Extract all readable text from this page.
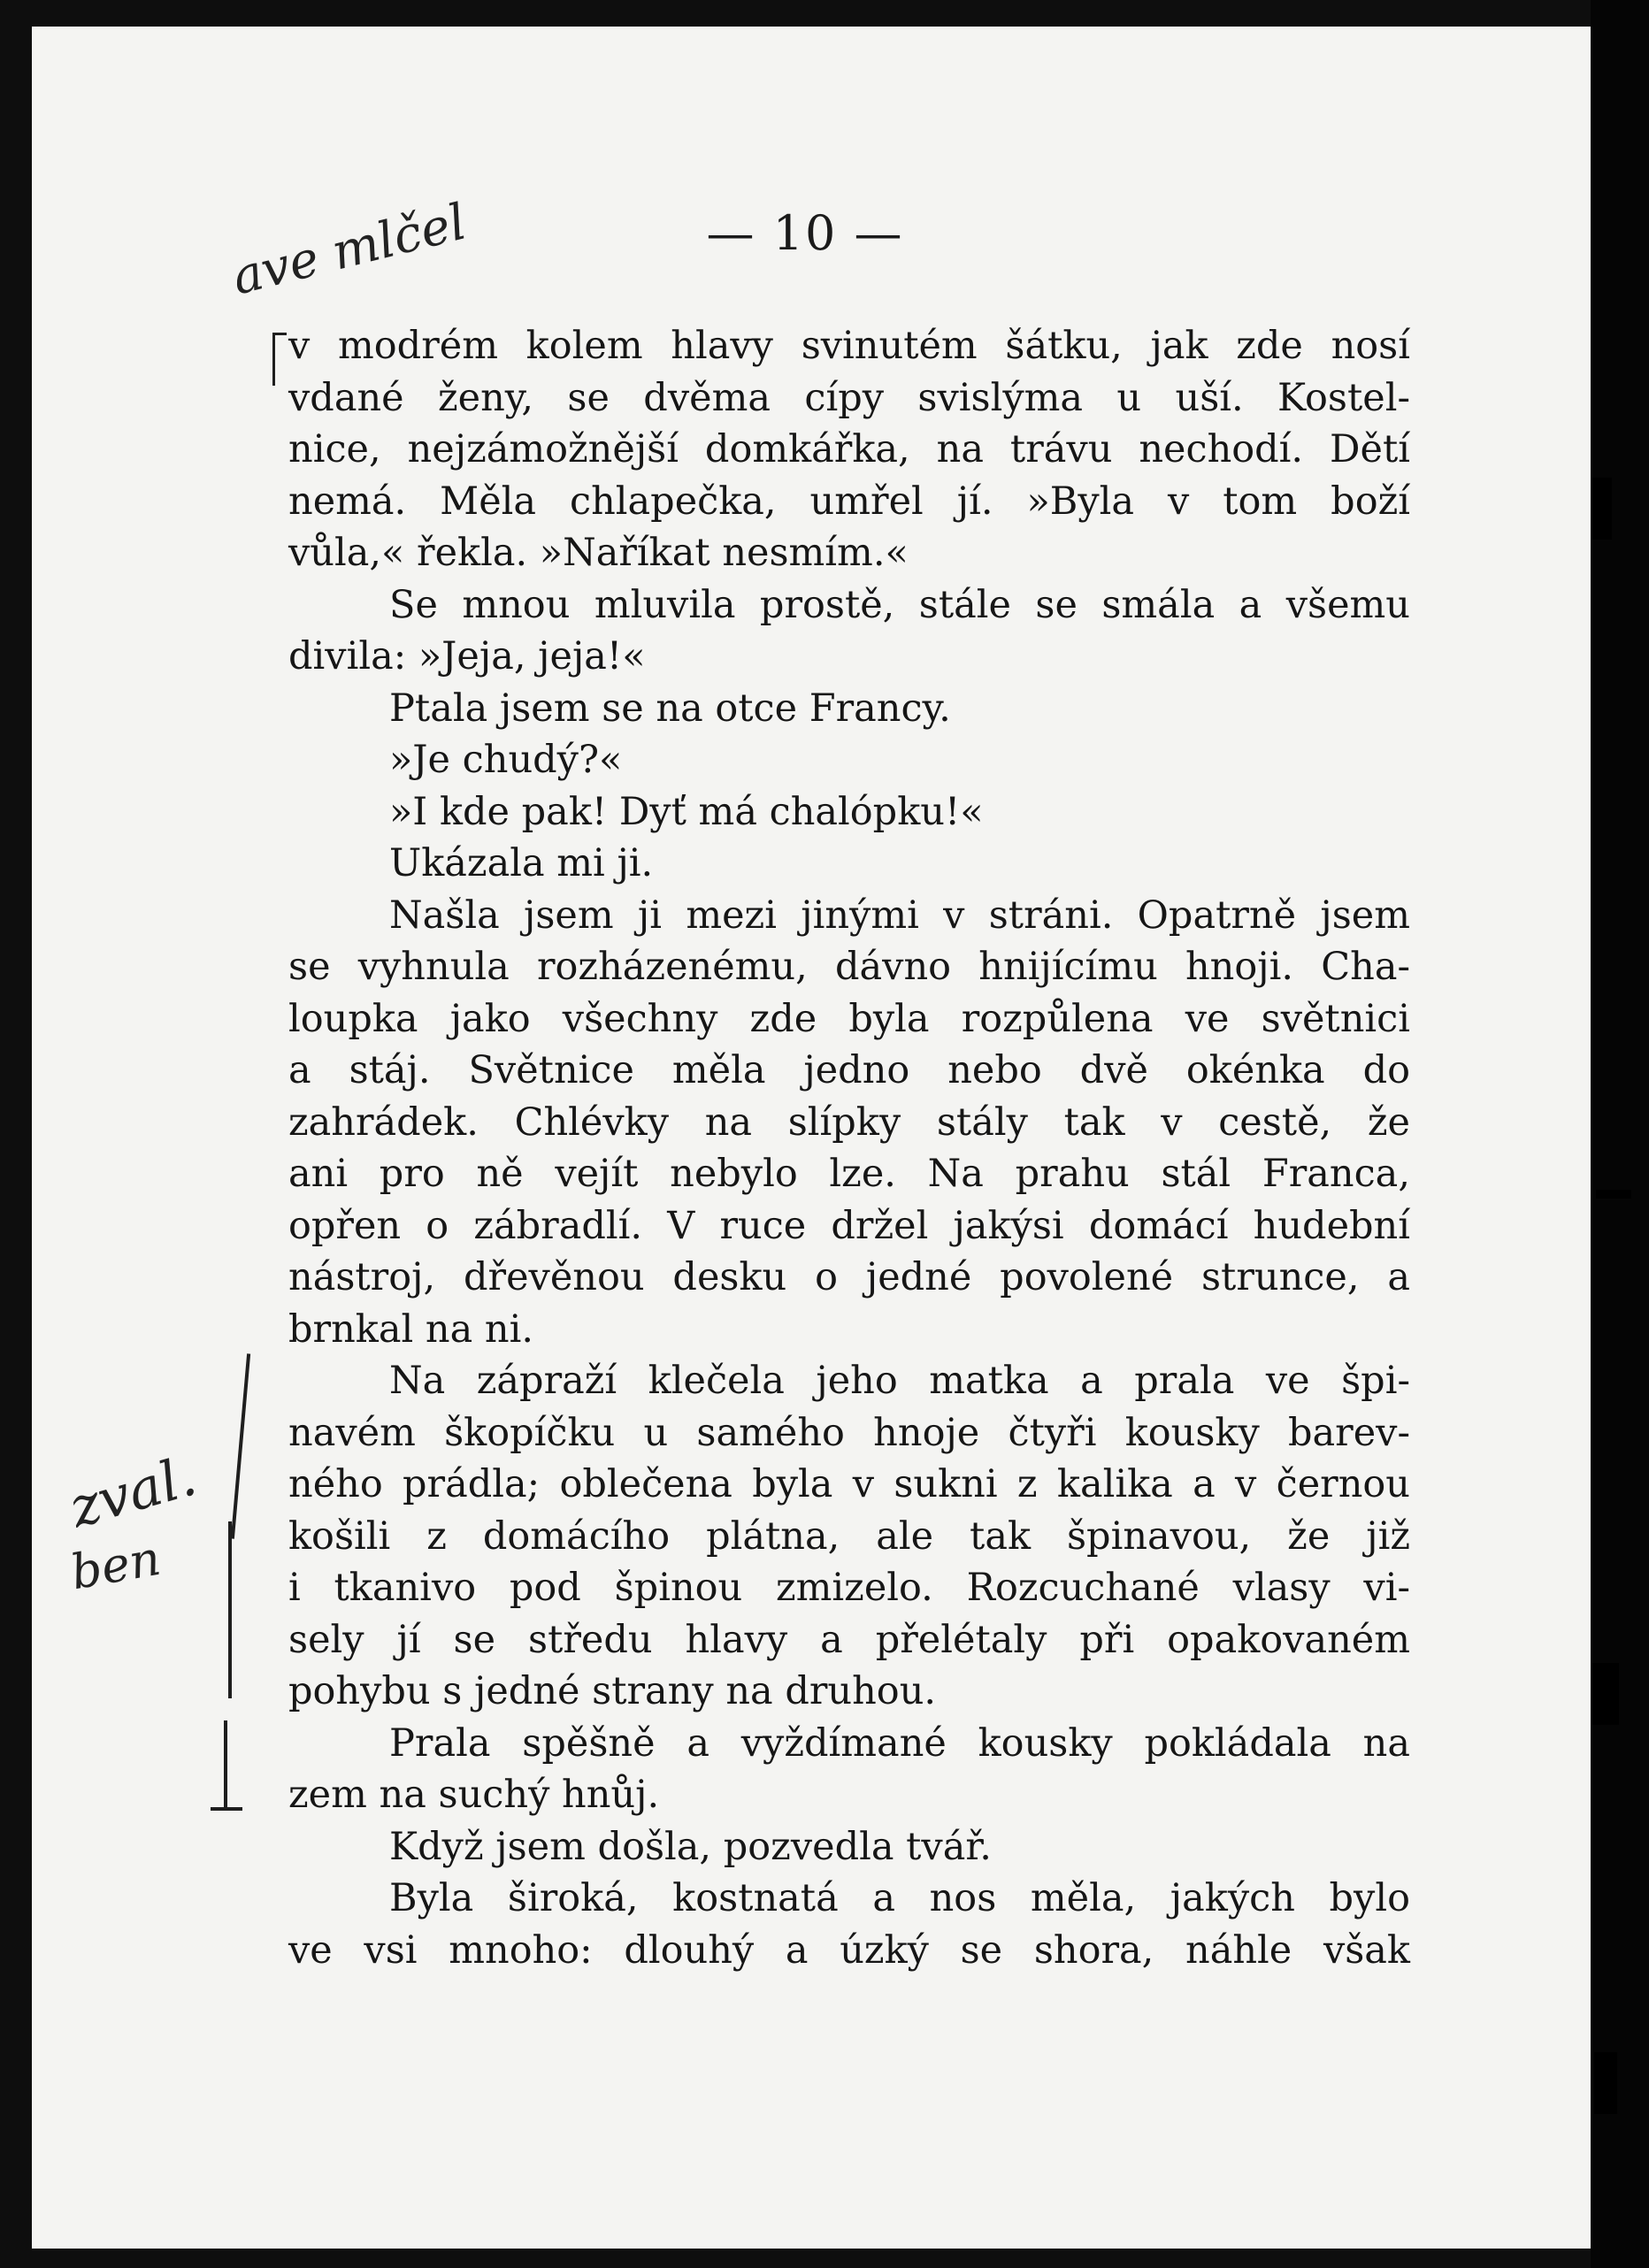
— 10 —
ave mlčel
zval.
ben
v modrém kolem hlavy svinutém šátku, jak zde nosí
vdané ženy, se dvěma cípy svislýma u uší. Kostel-
nice, nejzámožnější domkářka, na trávu nechodí. Dětí
nemá. Měla chlapečka, umřel jí. »Byla v tom boží
vůla,« řekla. »Naříkat nesmím.«
Se mnou mluvila prostě, stále se smála a všemu
divila: »Jeja, jeja!«
Ptala jsem se na otce Francy.
»Je chudý?«
»I kde pak! Dyť má chalópku!«
Ukázala mi ji.
Našla jsem ji mezi jinými v stráni. Opatrně jsem
se vyhnula rozházenému, dávno hnijícímu hnoji. Cha-
loupka jako všechny zde byla rozpůlena ve světnici
a stáj. Světnice měla jedno nebo dvě okénka do
zahrádek. Chlévky na slípky stály tak v cestě, že
ani pro ně vejít nebylo lze. Na prahu stál Franca,
opřen o zábradlí. V ruce držel jakýsi domácí hudební
nástroj, dřevěnou desku o jedné povolené strunce, a
brnkal na ni.
Na zápraží klečela jeho matka a prala ve špi-
navém škopíčku u samého hnoje čtyři kousky barev-
ného prádla; oblečena byla v sukni z kalika a v černou
košili z domácího plátna, ale tak špinavou, že již
i tkanivo pod špinou zmizelo. Rozcuchané vlasy vi-
sely jí se středu hlavy a přelétaly při opakovaném
pohybu s jedné strany na druhou.
Prala spěšně a vyždímané kousky pokládala na
zem na suchý hnůj.
Když jsem došla, pozvedla tvář.
Byla široká, kostnatá a nos měla, jakých bylo
ve vsi mnoho: dlouhý a úzký se shora, náhle však
